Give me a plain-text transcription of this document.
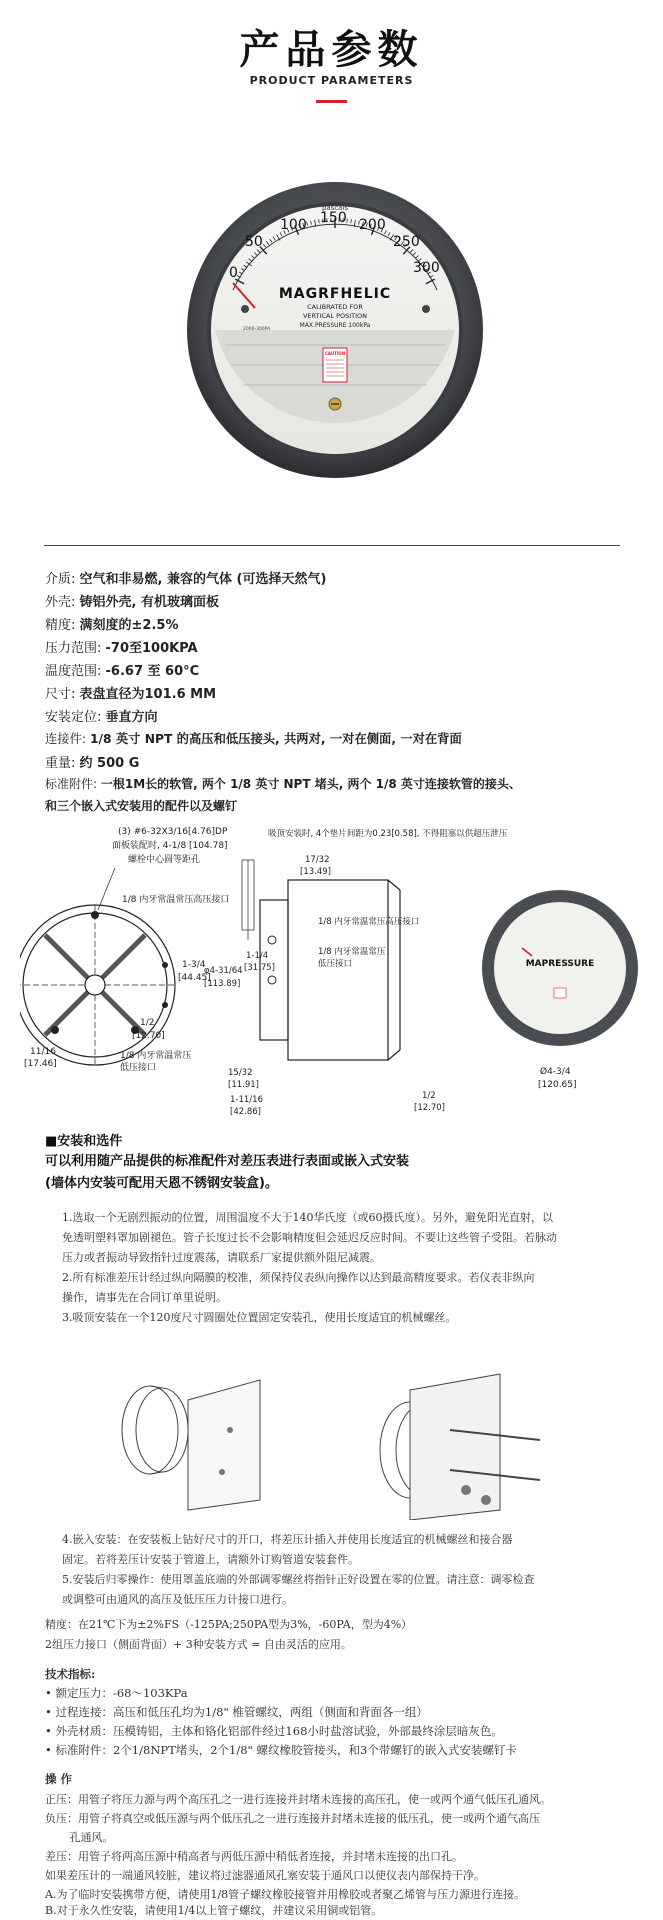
产品参数
PRODUCT PARAMETERS
pascals
0
50
100 150 200
250
300
MAGRFHELIC
CALIBRATED FOR
VERTICAL POSITION
MAX.PRESSURE 100kPa
2000-300PA
CAUTION
介质: 空气和非易燃, 兼容的气体 (可选择天然气)
外壳: 铸铝外壳, 有机玻璃面板
精度: 满刻度的±2.5%
压力范围: -70至100KPA
温度范围: -6.67 至 60°C
尺寸: 表盘直径为101.6 MM
安装定位: 垂直方向
连接件: 1/8 英寸 NPT 的高压和低压接头, 共两对, 一对在侧面, 一对在背面
重量: 约 500 G
标准附件: 一根1M长的软管, 两个 1/8 英寸 NPT 堵头, 两个 1/8 英寸连接软管的接头、
和三个嵌入式安装用的配件以及螺钉
(3) #6-32X3/16[4.76]DP
面板装配时, 4-1/8 [104.78]
螺栓中心圆等距孔
1/8 内牙常温常压高压接口
1-3/4
[44.45]
1/2
[12.70]
1/8 内牙常温常压
低压接口
11/16
[17.46]
吸顶安装时, 4个垫片间距为0.23[0.58], 不得阻塞以供超压泄压
17/32
[13.49]
1/8 内牙常温常压高压接口
1/8 内牙常温常压
低压接口
φ4-31/64
[113.89]
1-1/4
[31.75]
15/32
[11.91]
1-11/16
[42.86]
1/2
[12.70]
MAPRESSURE
Ø4-3/4
[120.65]
■安装和选件
可以利用随产品提供的标准配件对差压表进行表面或嵌入式安装
(墙体内安装可配用天恩不锈钢安装盒)。
1.选取一个无剧烈振动的位置，周围温度不大于140华氏度（或60摄氏度）。另外，避免阳光直射，以
免透明塑料罩加剧褪色。管子长度过长不会影响精度但会延迟反应时间。不要让这些管子受阻。若脉动
压力或者振动导致指针过度震荡，请联系厂家提供额外阻尼减震。
2.所有标准差压计经过纵向隔膜的校准，须保持仪表纵向操作以达到最高精度要求。若仪表非纵向
操作，请事先在合同订单里说明。
3.吸顶安装在一个120度尺寸圆圈处位置固定安装孔，使用长度适宜的机械螺丝。
4.嵌入安装：在安装板上钻好尺寸的开口，将差压计插入并使用长度适宜的机械螺丝和接合器
固定。若将差压计安装于管道上，请额外订购管道安装套件。
5.安装后归零操作：使用罩盖底端的外部调零螺丝将指针正好设置在零的位置。请注意：调零检查
或调整可由通风的高压及低压压力计接口进行。
精度：在21℃下为±2%FS（-125PA;250PA型为3%，-60PA，型为4%）
2组压力接口（侧面背面）+ 3种安装方式 = 自由灵活的应用。
技术指标:
• 额定压力：-68〜103KPa
• 过程连接：高压和低压孔均为1/8" 椎管螺纹，两组（侧面和背面各一组）
• 外壳材质：压模铸铝，主体和铬化铝部件经过168小时盐溶试验，外部最终涂层暗灰色。
• 标准附件：2个1/8NPT堵头，2个1/8" 螺纹橡胶管接头，和3个带螺钉的嵌入式安装螺钉卡
操 作
正压：用管子将压力源与两个高压孔之一进行连接并封堵未连接的高压孔，使一或两个通气低压孔通风。
负压：用管子将真空或低压源与两个低压孔之一进行连接并封堵未连接的低压孔，使一或两个通气高压
孔通风。
差压：用管子将两高压源中稍高者与两低压源中稍低者连接，并封堵未连接的出口孔。
如果差压计的一端通风较脏，建议将过滤器通风孔塞安装于通风口以使仪表内部保持干净。
A.为了临时安装携带方便，请使用1/8管子螺纹橡胶接管并用橡胶或者聚乙烯管与压力源进行连接。
B.对于永久性安装，请使用1/4以上管子螺纹，并建议采用铜或铝管。
